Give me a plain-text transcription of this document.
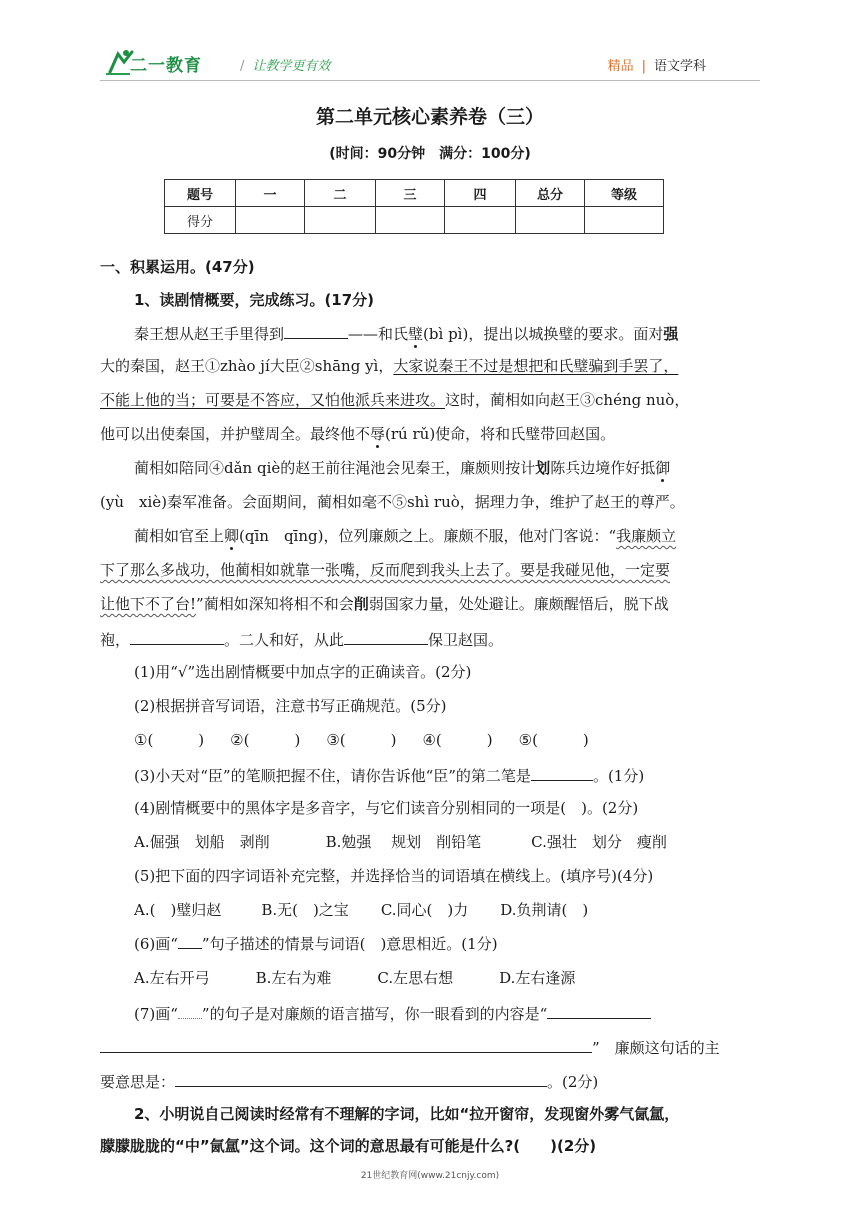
二一教育	/ 让教学更有效	精品 | 语文学科
第二单元核心素养卷（三）
(时间：90分钟　满分：100分)
题号	一	二	三	四	总分	等级
得分						
一、积累运用。(47分)
1、读剧情概要，完成练习。(17分)
秦王想从赵王手里得到	——和氏璧(bì pì)，提出以城换璧的要求。面对强
大的秦国，赵王①zhào jí大臣②shāng yì，大家说秦王不过是想把和氏璧骗到手罢了，
不能上他的当；可要是不答应，又怕他派兵来进攻。这时，蔺相如向赵王③chéng nuò，
他可以出使秦国，并护璧周全。最终他不辱(rú rǔ)使命，将和氏璧带回赵国。
蔺相如陪同④dǎn qiè的赵王前往渑池会见秦王，廉颇则按计划陈兵边境作好抵御
(yù　xiè)秦军准备。会面期间，蔺相如毫不⑤shì ruò，据理力争，维护了赵王的尊严。
蔺相如官至上卿(qīn　qīng)，位列廉颇之上。廉颇不服，他对门客说：“我廉颇立
下了那么多战功，他蔺相如就靠一张嘴，反而爬到我头上去了。要是我碰见他，一定要
让他下不了台!”蔺相如深知将相不和会削弱国家力量，处处避让。廉颇醒悟后，脱下战
袍，	。二人和好，从此	保卫赵国。
(1)用“√”选出剧情概要中加点字的正确读音。(2分)
(2)根据拼音写词语，注意书写正确规范。(5分)
①(　　　) ②(　　　) ③(　　　) ④(　　　) ⑤(　　　)
(3)小天对“臣”的笔顺把握不住，请你告诉他“臣”的第二笔是	。(1分)
(4)剧情概要中的黑体字是多音字，与它们读音分别相同的一项是(　)。(2分)
A.倔强　划船　剥削	B.勉强　 规划　削铅笔	C.强壮　划分　瘦削
(5)把下面的四字词语补充完整，并选择恰当的词语填在横线上。(填序号)(4分)
A.(　)璧归赵	B.无(　)之宝 C.同心(　)力 D.负荆请(　)
(6)画“ ”句子描述的情景与词语(　)意思相近。(1分)
A.左右开弓	B.左右为难	C.左思右想	D.左右逢源
(7)画“ ”的句子是对廉颇的语言描写，你一眼看到的内容是“
”　廉颇这句话的主
要意思是：	。(2分)
2、小明说自己阅读时经常有不理解的字词，比如“拉开窗帘，发现窗外雾气氤氲，
朦朦胧胧的“中”氤氲”这个词。这个词的意思最有可能是什么?(　　)(2分)
21世纪教育网(www.21cnjy.com)
